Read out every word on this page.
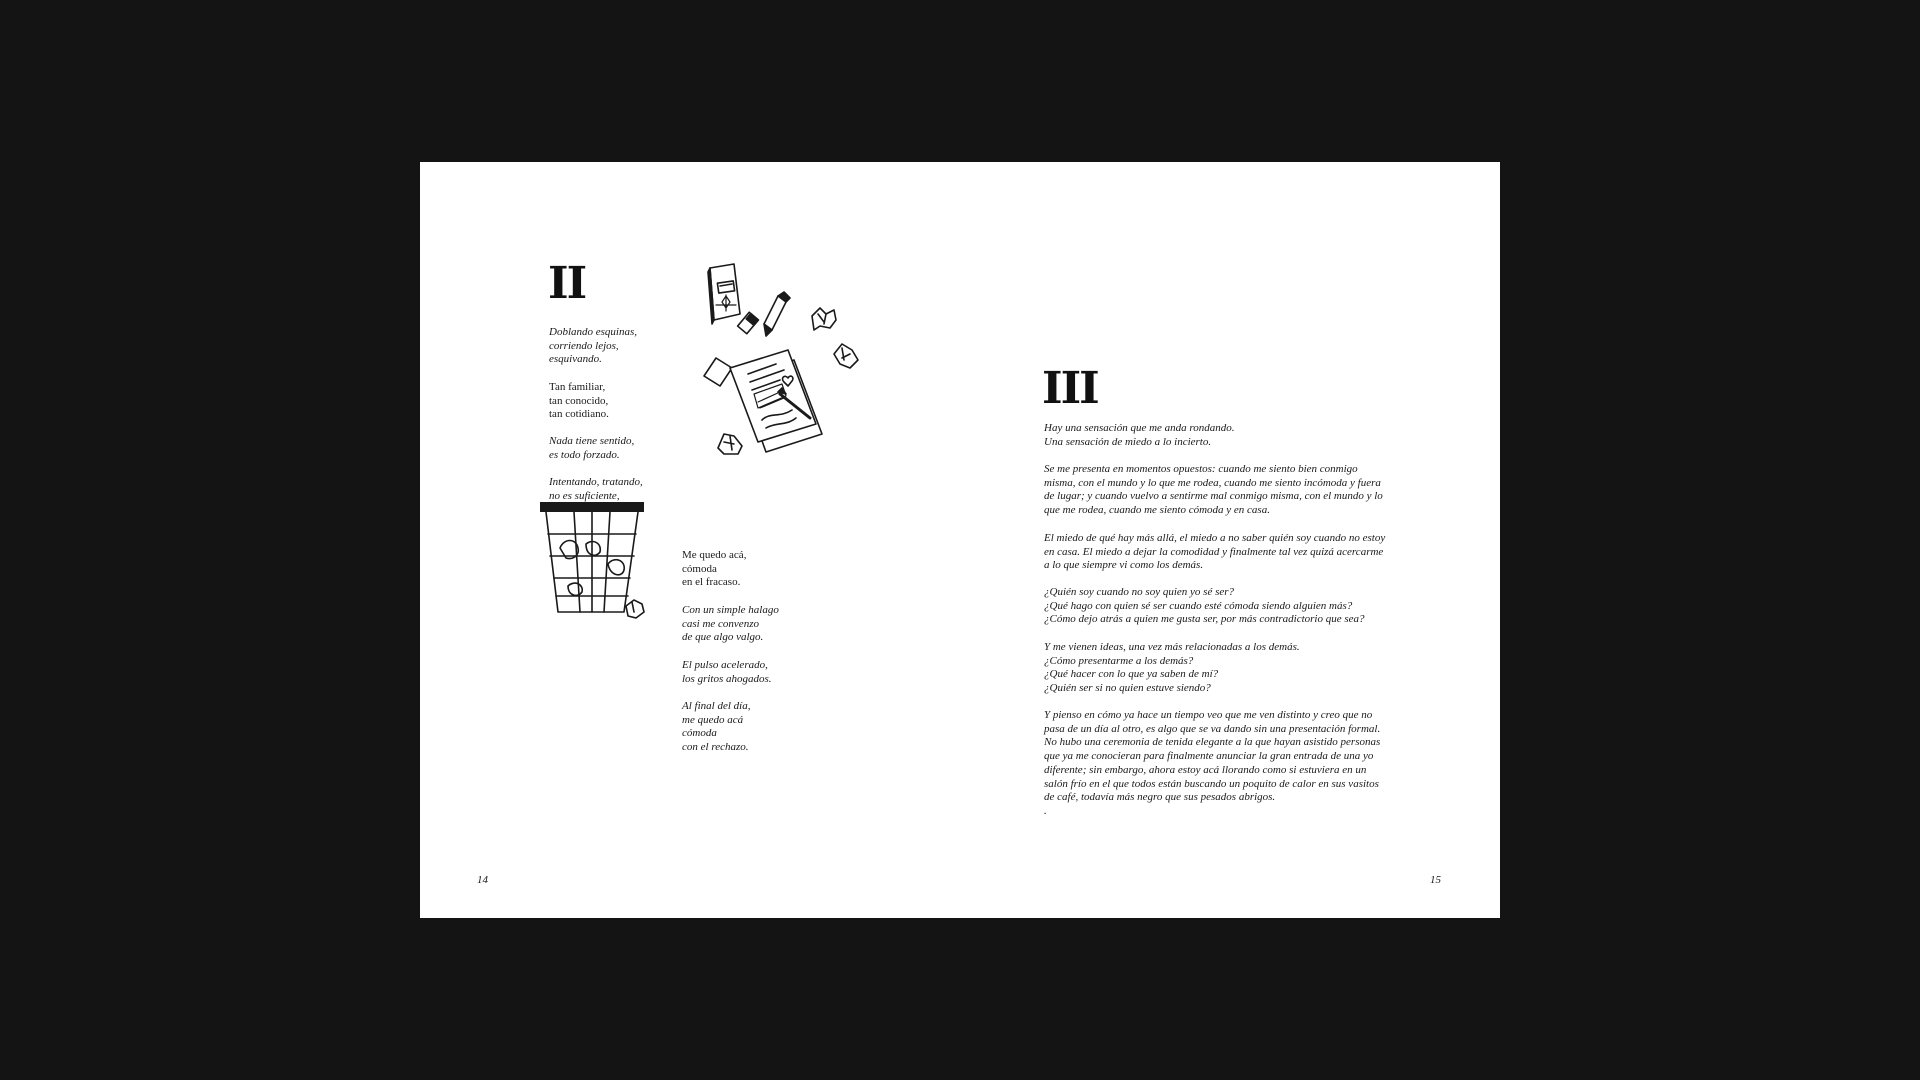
II

Doblando esquinas,
corriendo lejos,
esquivando.

Tan familiar,
tan conocido,
tan cotidiano.

Nada tiene sentido,
es todo forzado.

Intentando, tratando,
no es suficiente,

Me quedo acá,
cómoda
en el fracaso.

Con un simple halago
casi me convenzo
de que algo valgo.

El pulso acelerado,
los gritos ahogados.

Al final del día,
me quedo acá
cómoda
con el rechazo.

14

III

Hay una sensación que me anda rondando.
Una sensación de miedo a lo incierto.

Se me presenta en momentos opuestos: cuando me siento bien conmigo
misma, con el mundo y lo que me rodea, cuando me siento incómoda y fuera
de lugar; y cuando vuelvo a sentirme mal conmigo misma, con el mundo y lo
que me rodea, cuando me siento cómoda y en casa.

El miedo de qué hay más allá, el miedo a no saber quién soy cuando no estoy
en casa. El miedo a dejar la comodidad y finalmente tal vez quizá acercarme
a lo que siempre vi como los demás.

¿Quién soy cuando no soy quien yo sé ser?
¿Qué hago con quien sé ser cuando esté cómoda siendo alguien más?
¿Cómo dejo atrás a quien me gusta ser, por más contradictorio que sea?

Y me vienen ideas, una vez más relacionadas a los demás.
¿Cómo presentarme a los demás?
¿Qué hacer con lo que ya saben de mí?
¿Quién ser si no quien estuve siendo?

Y pienso en cómo ya hace un tiempo veo que me ven distinto y creo que no
pasa de un día al otro, es algo que se va dando sin una presentación formal.
No hubo una ceremonia de tenida elegante a la que hayan asistido personas
que ya me conocieran para finalmente anunciar la gran entrada de una yo
diferente; sin embargo, ahora estoy acá llorando como si estuviera en un
salón frío en el que todos están buscando un poquito de calor en sus vasitos
de café, todavía más negro que sus pesados abrigos.
.

15
